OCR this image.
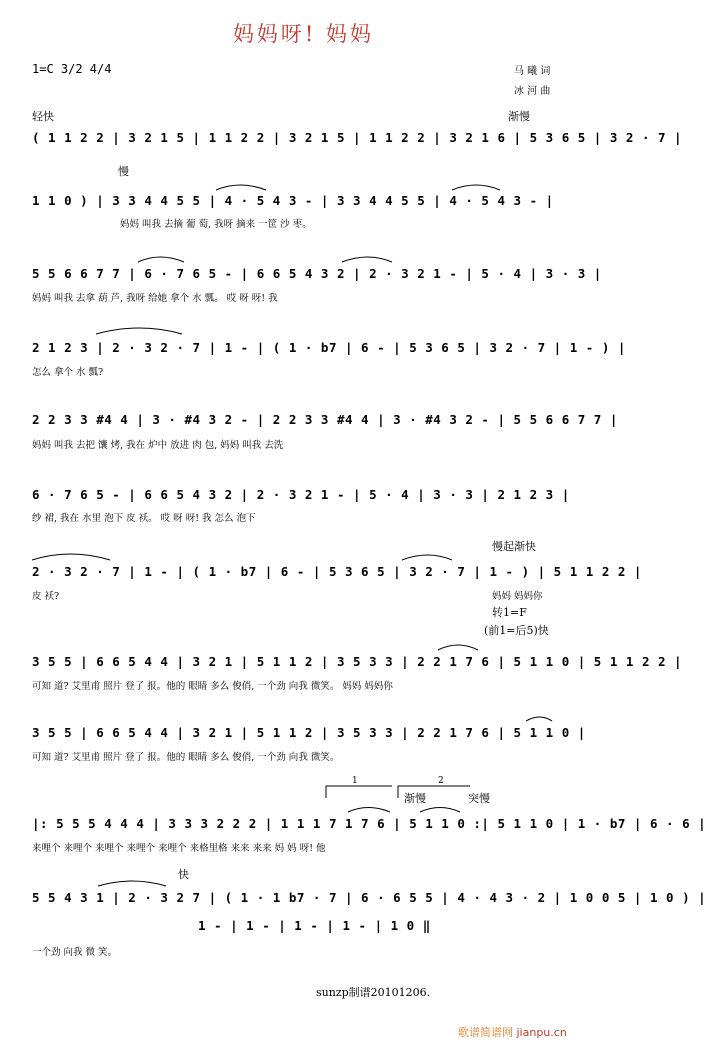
妈妈呀! 妈妈
1=C 3/2 4/4	马 曦 词
冰 河 曲
轻快	渐慢
慢
慢起渐快
渐慢	突慢
快
1	2
( 1 1 2 2 | 3 2 1 5 | 1 1 2 2 | 3 2 1 5 | 1 1 2 2 | 3 2 1 6 | 5 3 6 5 | 3 2 · 7 |
1 1 0 ) | 3 3 4 4 5 5 | 4 · 5 4 3 - | 3 3 4 4 5 5 | 4 · 5 4 3 - |
妈妈 叫我 去摘 葡 萄, 我呀 摘来 一筐 沙 枣。
5 5 6 6 7 7 | 6 · 7 6 5 - | 6 6 5 4 3 2 | 2 · 3 2 1 - | 5 · 4 | 3 · 3 |
妈妈 叫我 去拿 葫 芦, 我呀 给她 拿个 水 瓢。 哎 呀 呀! 我
2 1 2 3 | 2 · 3 2 · 7 | 1 - | ( 1 · b7 | 6 - | 5 3 6 5 | 3 2 · 7 | 1 - ) |
怎么 拿个 水 瓢?
2 2 3 3 #4 4 | 3 · #4 3 2 - | 2 2 3 3 #4 4 | 3 · #4 3 2 - | 5 5 6 6 7 7 |
妈妈 叫我 去把 馕 烤, 我在 炉中 放进 肉 包, 妈妈 叫我 去洗
6 · 7 6 5 - | 6 6 5 4 3 2 | 2 · 3 2 1 - | 5 · 4 | 3 · 3 | 2 1 2 3 |
纱 裙, 我在 水里 泡下 皮 袄。 哎 呀 呀! 我 怎么 泡下
2 · 3 2 · 7 | 1 - | ( 1 · b7 | 6 - | 5 3 6 5 | 3 2 · 7 | 1 - ) | 5 1 1 2 2 |
皮 袄?	妈妈 妈妈你
转1=F
(前1=后5)快
3 5 5 | 6 6 5 4 4 | 3 2 1 | 5 1 1 2 | 3 5 3 3 | 2 2 1 7 6 | 5 1 1 0 | 5 1 1 2 2 |
可知 道? 艾里甫 照片 登了 报。他的 眼睛 多么 俊俏, 一个劲 向我 微笑。 妈妈 妈妈你
3 5 5 | 6 6 5 4 4 | 3 2 1 | 5 1 1 2 | 3 5 3 3 | 2 2 1 7 6 | 5 1 1 0 |
可知 道? 艾里甫 照片 登了 报。他的 眼睛 多么 俊俏, 一个劲 向我 微笑。
|: 5 5 5 4 4 4 | 3 3 3 2 2 2 | 1 1 1 7 1 7 6 | 5 1 1 0 :| 5 1 1 0 | 1 · b7 | 6 · 6 |
来哩个 来哩个 来哩个 来哩个 来哩个 来格里格 来来 来来 妈 妈 呀! 他
5 5 4 3 1 | 2 · 3 2 7 | ( 1 · 1 b7 · 7 | 6 · 6 5 5 | 4 · 4 3 · 2 | 1 0 0 5 | 1 0 ) |
1 - | 1 - | 1 - | 1 - | 1 0 ‖
一个劲 向我 微 笑。
sunzp制谱20101206.
歌谱简谱网 jianpu.cn
